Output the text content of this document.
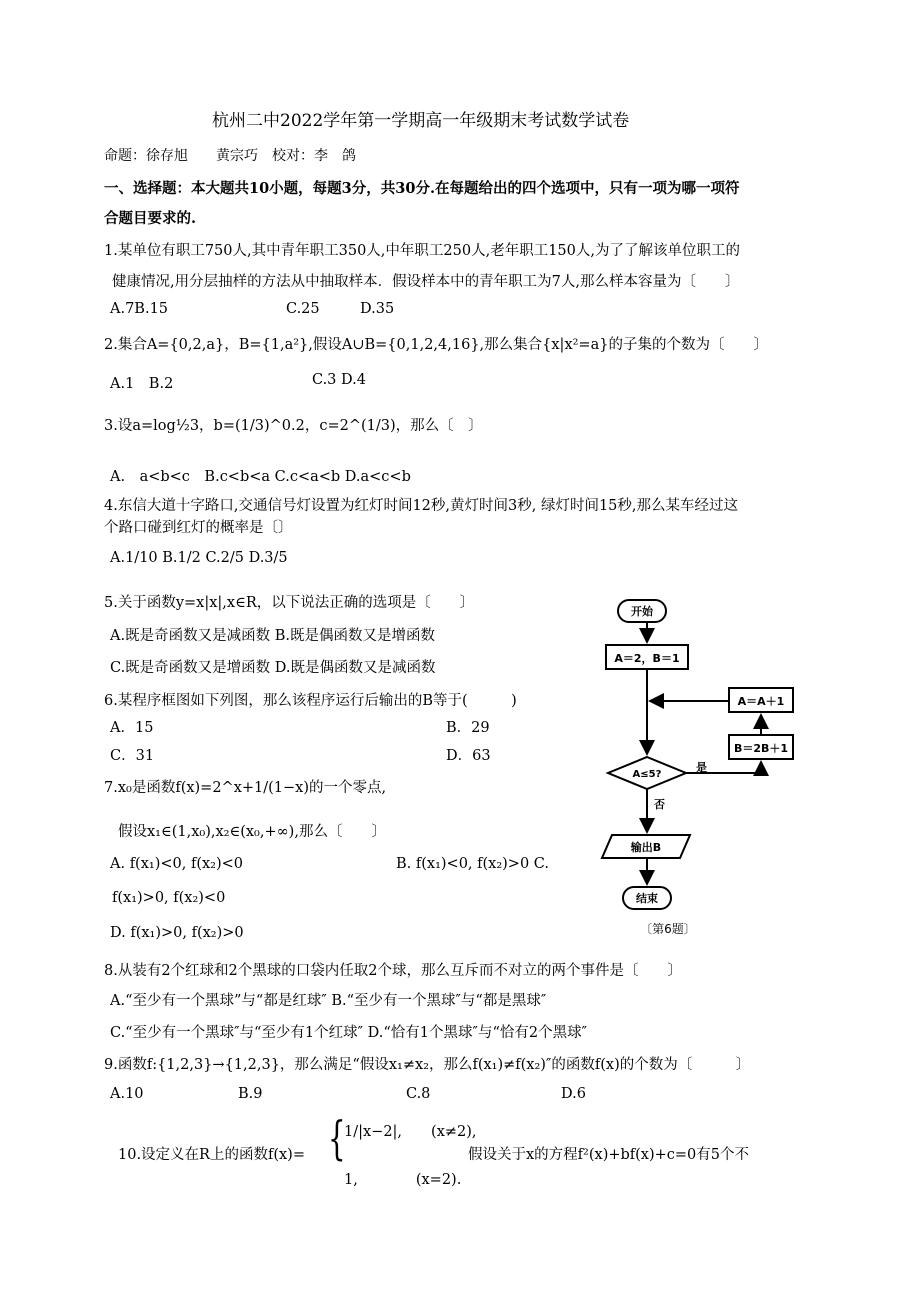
杭州二中2022学年第一学期高一年级期末考试数学试卷
命题：徐存旭　　黄宗巧　校对：李　鸽
一、选择题：本大题共10小题，每题3分，共30分.在每题给出的四个选项中，只有一项为哪一项符
合题目要求的.
1.某单位有职工750人,其中青年职工350人,中年职工250人,老年职工150人,为了了解该单位职工的
健康情况,用分层抽样的方法从中抽取样本．假设样本中的青年职工为7人,那么样本容量为〔　　〕
A.7B.15	C.25	D.35
2.集合A={0,2,a}，B={1,a²},假设A∪B={0,1,2,4,16},那么集合{x|x²=a}的子集的个数为〔　　〕
A.1　B.2	C.3 D.4
3.设a=log½3，b=(1/3)^0.2，c=2^(1/3)，那么〔　〕
A.　a<b<c　B.c<b<a C.c<a<b D.a<c<b
4.东信大道十字路口,交通信号灯设置为红灯时间12秒,黄灯时间3秒, 绿灯时间15秒,那么某车经过这
个路口碰到红灯的概率是〔〕
A.1/10 B.1/2 C.2/5 D.3/5
5.关于函数y=x|x|,x∈R，以下说法正确的选项是〔　　〕
A.既是奇函数又是减函数 B.既是偶函数又是增函数
C.既是奇函数又是增函数 D.既是偶函数又是减函数
6.某程序框图如下列图，那么该程序运行后输出的B等于(　　　)
A．15	B．29
C．31	D．63
7.x₀是函数f(x)=2^x+1/(1−x)的一个零点,
假设x₁∈(1,x₀),x₂∈(x₀,+∞),那么〔　　〕
A. f(x₁)<0, f(x₂)<0	B. f(x₁)<0, f(x₂)>0 C.
f(x₁)>0, f(x₂)<0
D. f(x₁)>0, f(x₂)>0
8.从装有2个红球和2个黑球的口袋内任取2个球，那么互斥而不对立的两个事件是〔　　〕
A.“至少有一个黑球”与“都是红球″ B.“至少有一个黑球″与“都是黑球″
C.“至少有一个黑球″与“至少有1个红球″ D.“恰有1个黑球″与“恰有2个黑球″
9.函数f:{1,2,3}→{1,2,3}，那么满足“假设x₁≠x₂，那么f(x₁)≠f(x₂)″的函数f(x)的个数为〔　　　〕
A.10	B.9	C.8	D.6
10.设定义在R上的函数f(x)= {
1/|x−2|,　　(x≠2),
1,　　　　(x=2).
假设关于x的方程f²(x)+bf(x)+c=0有5个不
开始
A＝2，B＝1
A＝A＋1
B＝2B＋1
A≤5?
是
否
输出B
结束
〔第6题〕
